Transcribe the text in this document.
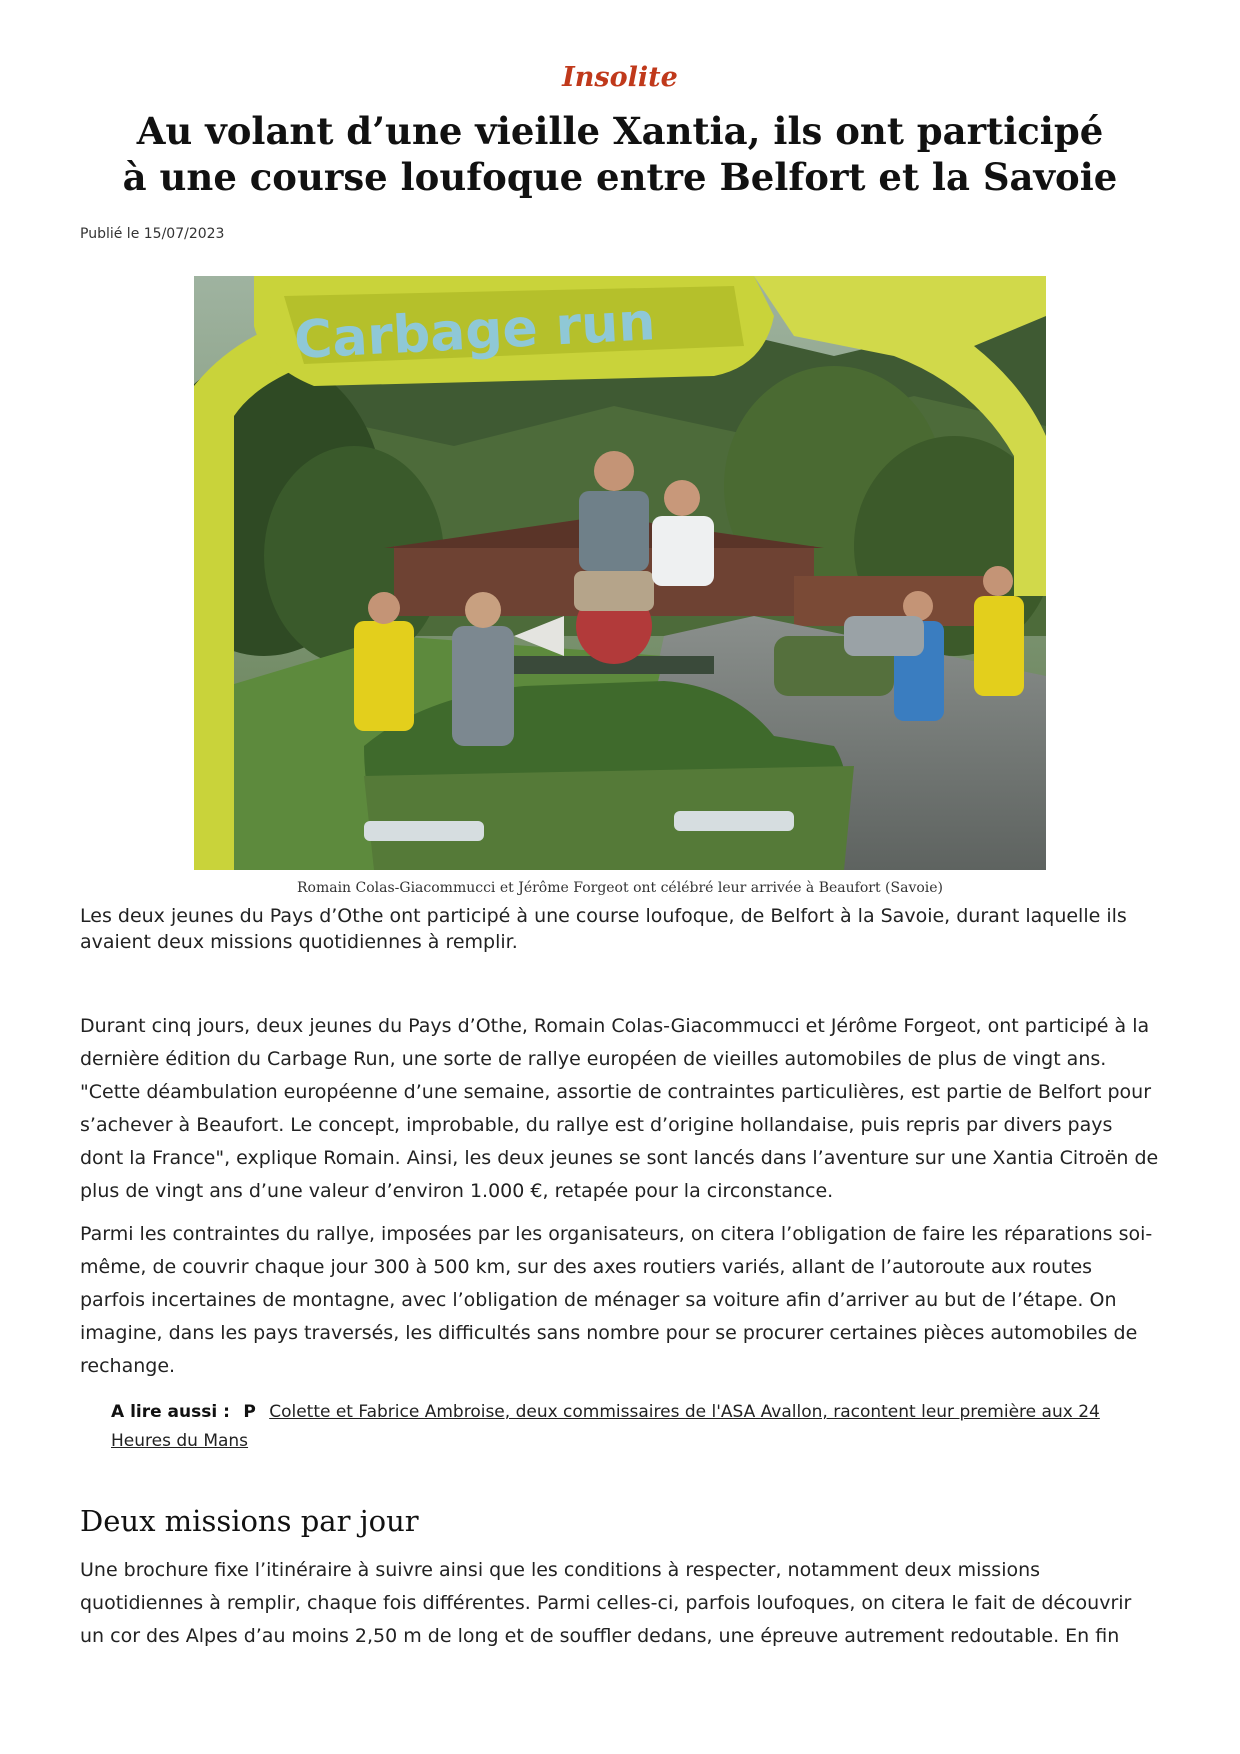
Insolite
Au volant d’une vieille Xantia, ils ont participé à une course loufoque entre Belfort et la Savoie
Publié le 15/07/2023
Carbage run
Romain Colas-Giacommucci et Jérôme Forgeot ont célébré leur arrivée à Beaufort (Savoie)

Les deux jeunes du Pays d’Othe ont participé à une course loufoque, de Belfort à la Savoie, durant laquelle ils avaient deux missions quotidiennes à remplir.

Durant cinq jours, deux jeunes du Pays d’Othe, Romain Colas-Giacommucci et Jérôme Forgeot, ont participé à la dernière édition du Carbage Run, une sorte de rallye européen de vieilles automobiles de plus de vingt ans. "Cette déambulation européenne d’une semaine, assortie de contraintes particulières, est partie de Belfort pour s’achever à Beaufort. Le concept, improbable, du rallye est d’origine hollandaise, puis repris par divers pays dont la France", explique Romain. Ainsi, les deux jeunes se sont lancés dans l’aventure sur une Xantia Citroën de plus de vingt ans d’une valeur d’environ 1.000 €, retapée pour la circonstance.

Parmi les contraintes du rallye, imposées par les organisateurs, on citera l’obligation de faire les réparations soi-même, de couvrir chaque jour 300 à 500 km, sur des axes routiers variés, allant de l’autoroute aux routes parfois incertaines de montagne, avec l’obligation de ménager sa voiture afin d’arriver au but de l’étape. On imagine, dans les pays traversés, les difficultés sans nombre pour se procurer certaines pièces automobiles de rechange.

A lire aussi : P Colette et Fabrice Ambroise, deux commissaires de l'ASA Avallon, racontent leur première aux 24 Heures du Mans
Deux missions par jour

Une brochure fixe l’itinéraire à suivre ainsi que les conditions à respecter, notamment deux missions quotidiennes à remplir, chaque fois différentes. Parmi celles-ci, parfois loufoques, on citera le fait de découvrir un cor des Alpes d’au moins 2,50 m de long et de souffler dedans, une épreuve autrement redoutable. En fin
